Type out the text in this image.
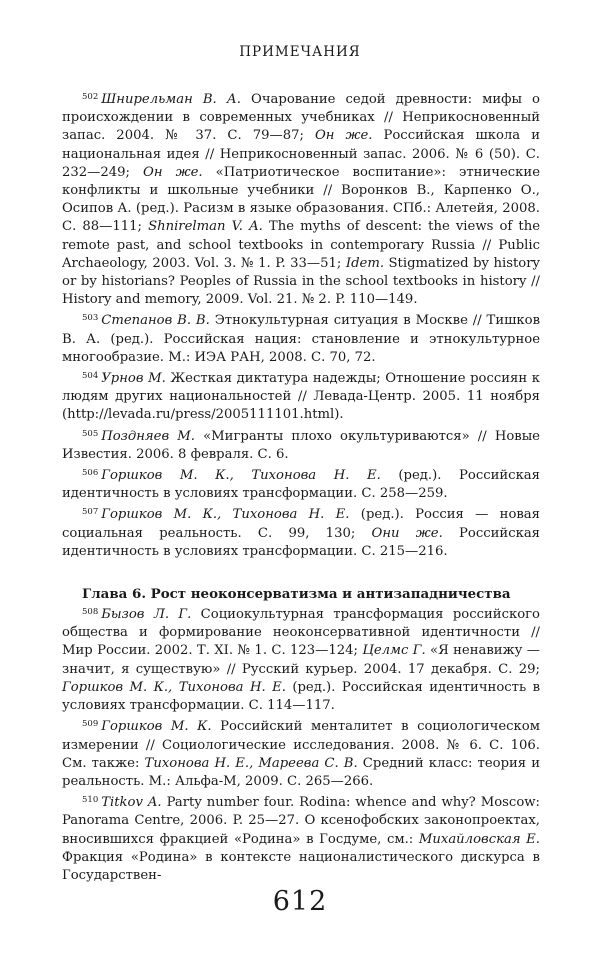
ПРИМЕЧАНИЯ

$^{502}$ Шнирельман В. А. Очарование седой древности: мифы о происхождении в современных учебниках // Неприкосновенный запас. 2004. № 37. С. 79—87; Он же. Российская школа и национальная идея // Неприкосновенный запас. 2006. № 6 (50). С. 232—249; Он же. «Патриотическое воспитание»: этнические конфликты и школьные учебники // Воронков В., Карпенко О., Осипов А. (ред.). Расизм в языке образования. СПб.: Алетейя, 2008. С. 88—111; Shnirelman V. A. The myths of descent: the views of the remote past, and school textbooks in contemporary Russia // Public Archaeology, 2003. Vol. 3. № 1. P. 33—51; Idem. Stigmatized by history or by historians? Peoples of Russia in the school textbooks in history // History and memory, 2009. Vol. 21. № 2. P. 110—149.

$^{503}$ Степанов В. В. Этнокультурная ситуация в Москве // Тишков В. А. (ред.). Российская нация: становление и этнокультурное многообразие. М.: ИЭА РАН, 2008. С. 70, 72.

$^{504}$ Урнов М. Жесткая диктатура надежды; Отношение россиян к людям других национальностей // Левада-Центр. 2005. 11 ноября (http://levada.ru/press/2005111101.html).

$^{505}$ Поздняев М. «Мигранты плохо окультуриваются» // Новые Известия. 2006. 8 февраля. С. 6.

$^{506}$ Горшков М. К., Тихонова Н. Е. (ред.). Российская идентичность в условиях трансформации. С. 258—259.

$^{507}$ Горшков М. К., Тихонова Н. Е. (ред.). Россия — новая социальная реальность. С. 99, 130; Они же. Российская идентичность в условиях трансформации. С. 215—216.

Глава 6. Рост неоконсерватизма и антизападничества

$^{508}$ Бызов Л. Г. Социокультурная трансформация российского общества и формирование неоконсервативной идентичности // Мир России. 2002. Т. XI. № 1. С. 123—124; Целмс Г. «Я ненавижу — значит, я существую» // Русский курьер. 2004. 17 декабря. С. 29; Горшков М. К., Тихонова Н. Е. (ред.). Российская идентичность в условиях трансформации. С. 114—117.

$^{509}$ Горшков М. К. Российский менталитет в социологическом измерении // Социологические исследования. 2008. № 6. С. 106. См. также: Тихонова Н. Е., Мареева С. В. Средний класс: теория и реальность. М.: Альфа-М, 2009. С. 265—266.

$^{510}$ Titkov A. Party number four. Rodina: whence and why? Moscow: Panorama Centre, 2006. P. 25—27. О ксенофобских законопроектах, вносившихся фракцией «Родина» в Госдуме, см.: Михайловская Е. Фракция «Родина» в контексте националистического дискурса в Государствен-

612
